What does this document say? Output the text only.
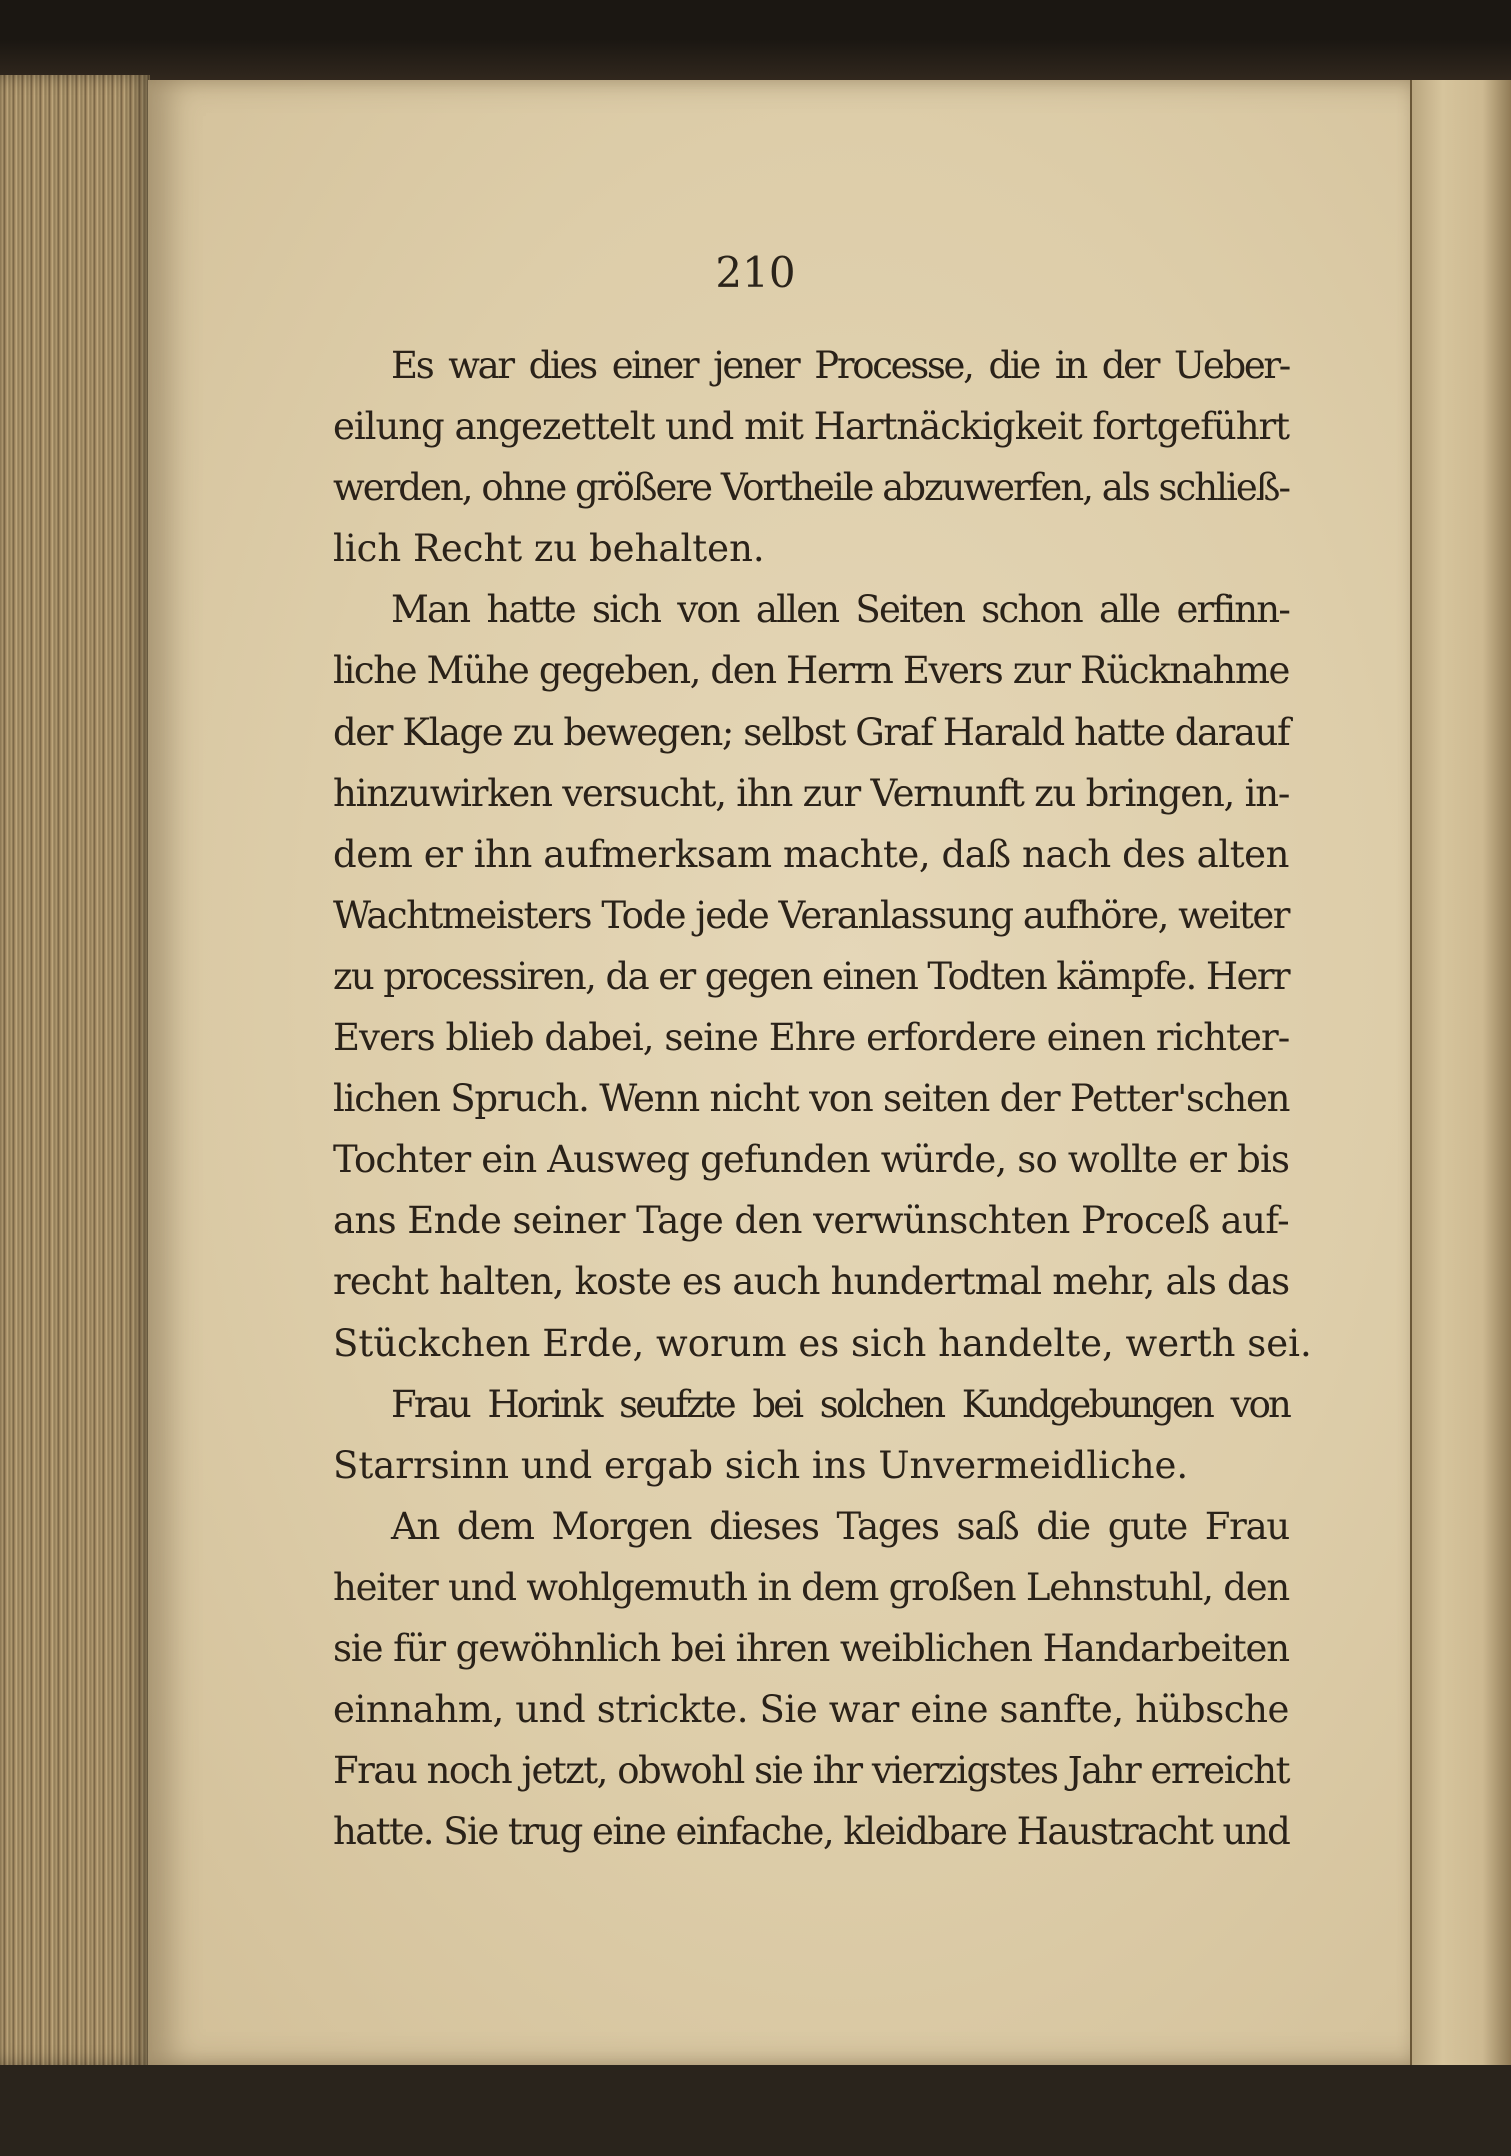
210
Es war dies einer jener Processe, die in der Ueber-
eilung angezettelt und mit Hartnäckigkeit fortgeführt
werden, ohne größere Vortheile abzuwerfen, als schließ-
lich Recht zu behalten.
Man hatte sich von allen Seiten schon alle erfinn-
liche Mühe gegeben, den Herrn Evers zur Rücknahme
der Klage zu bewegen; selbst Graf Harald hatte darauf
hinzuwirken versucht, ihn zur Vernunft zu bringen, in-
dem er ihn aufmerksam machte, daß nach des alten
Wachtmeisters Tode jede Veranlassung aufhöre, weiter
zu processiren, da er gegen einen Todten kämpfe. Herr
Evers blieb dabei, seine Ehre erfordere einen richter-
lichen Spruch. Wenn nicht von seiten der Petter'schen
Tochter ein Ausweg gefunden würde, so wollte er bis
ans Ende seiner Tage den verwünschten Proceß auf-
recht halten, koste es auch hundertmal mehr, als das
Stückchen Erde, worum es sich handelte, werth sei.
Frau Horink seufzte bei solchen Kundgebungen von
Starrsinn und ergab sich ins Unvermeidliche.
An dem Morgen dieses Tages saß die gute Frau
heiter und wohlgemuth in dem großen Lehnstuhl, den
sie für gewöhnlich bei ihren weiblichen Handarbeiten
einnahm, und strickte. Sie war eine sanfte, hübsche
Frau noch jetzt, obwohl sie ihr vierzigstes Jahr erreicht
hatte. Sie trug eine einfache, kleidbare Haustracht und
